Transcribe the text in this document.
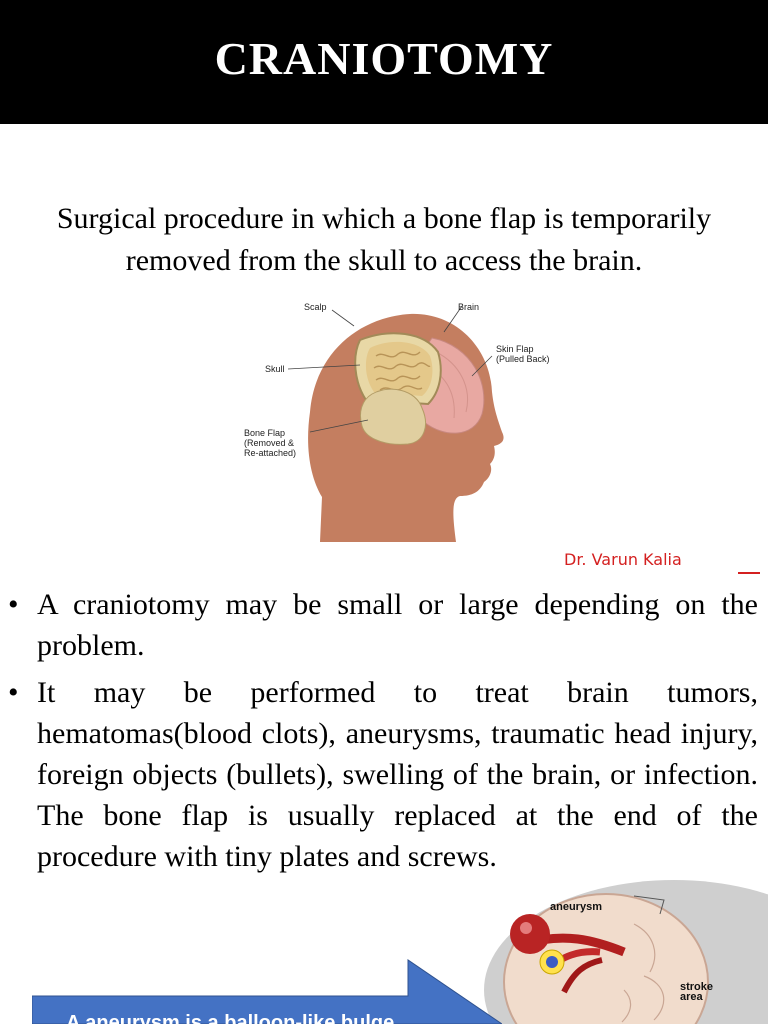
CRANIOTOMY
Surgical procedure in which a bone flap is temporarily
removed from the skull to access the brain.
Scalp	Brain
Skull
Skin Flap
(Pulled Back)
Bone Flap
(Removed &
Re-attached)
Dr. Varun Kalia
• A craniotomy may be small or large depending on the problem.
• It may be performed to treat brain tumors, hematomas(blood clots), aneurysms, traumatic head injury, foreign objects (bullets), swelling of the brain, or infection. The bone flap is usually replaced at the end of the procedure with tiny plates and screws.
aneurysm
stroke
area
A aneurysm is a balloon-like bulge
